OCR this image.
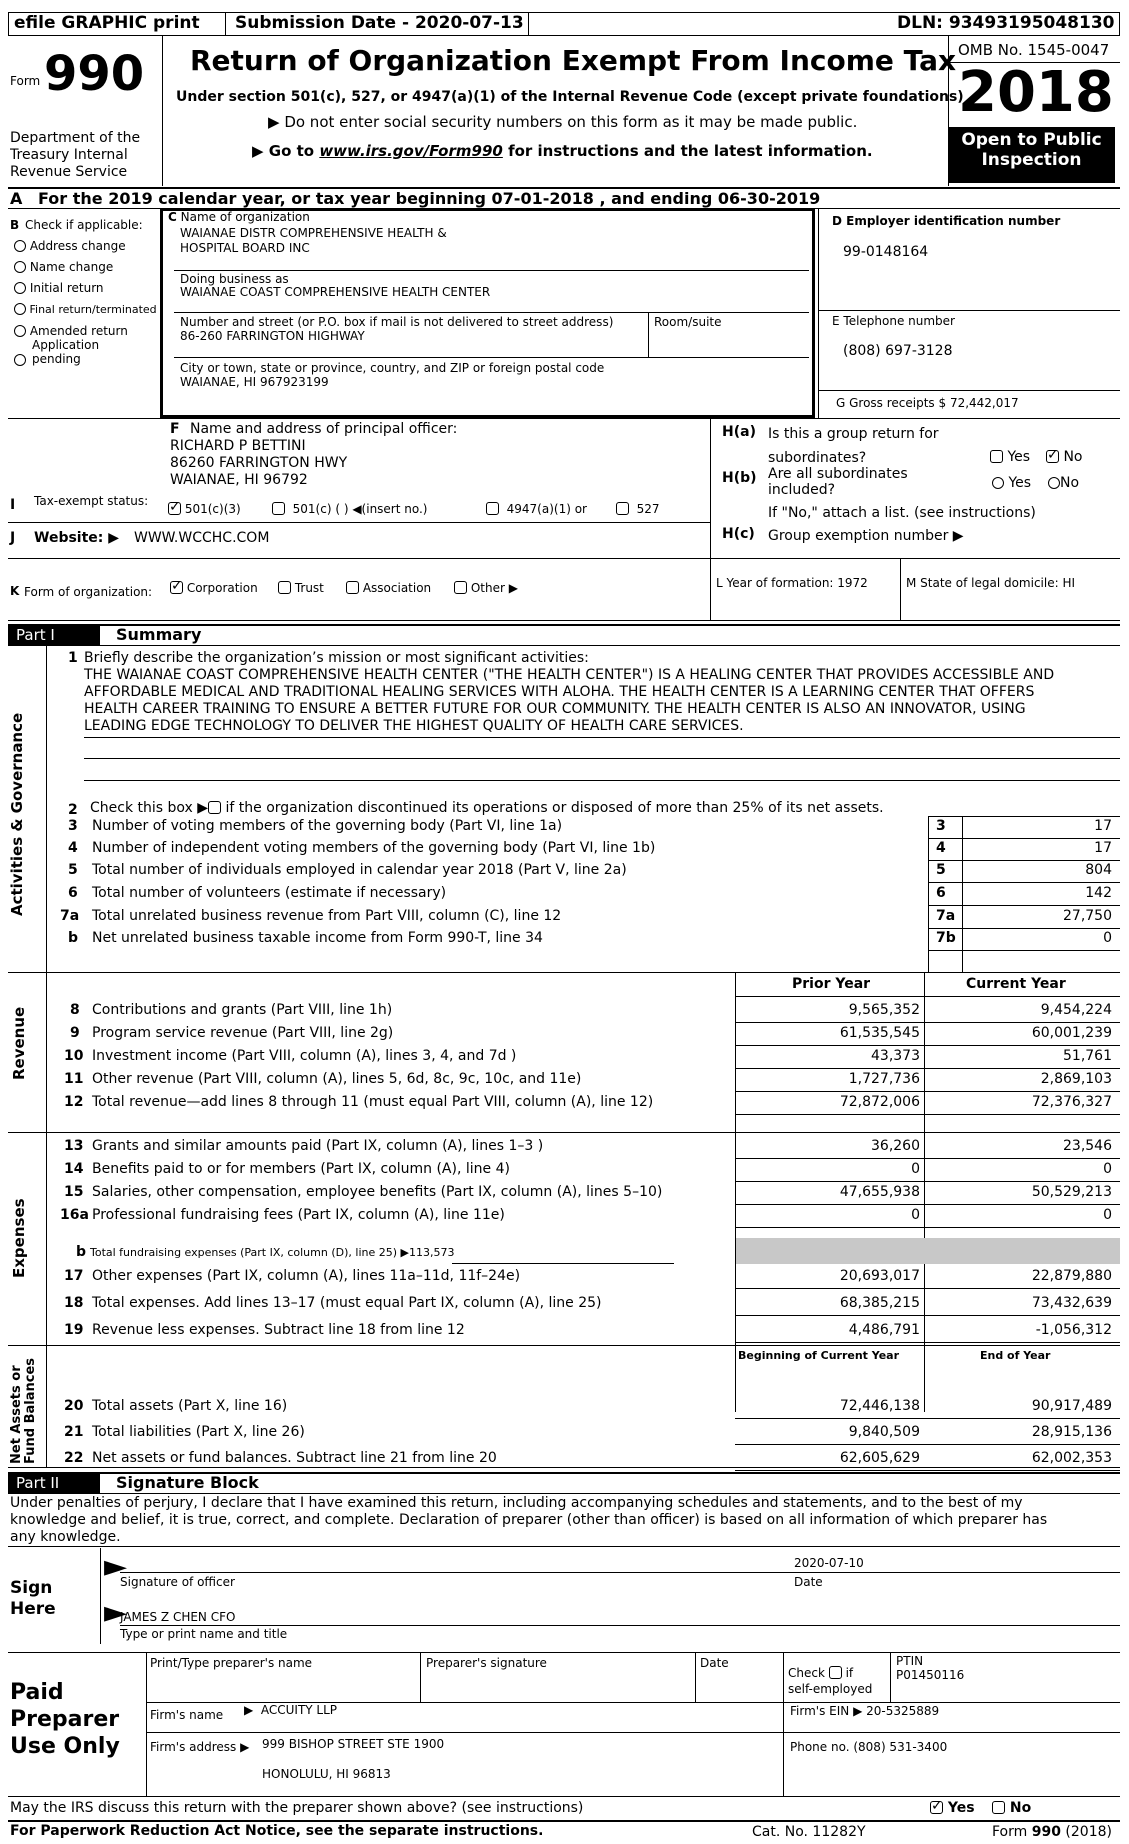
efile GRAPHIC print Submission Date - 2020-07-13	DLN: 93493195048130
Form 990
Department of the Treasury Internal Revenue Service
Return of Organization Exempt From Income Tax
Under section 501(c), 527, or 4947(a)(1) of the Internal Revenue Code (except private foundations)
▶ Do not enter social security numbers on this form as it may be made public.
▶ Go to www.irs.gov/Form990 for instructions and the latest information.
OMB No. 1545-0047
2018
Open to Public Inspection
A For the 2019 calendar year, or tax year beginning 07-01-2018 , and ending 06-30-2019
B Check if applicable:
Address change
Name change
Initial return
Final return/terminated
Amended return
Application pending
C Name of organization
WAIANAE DISTR COMPREHENSIVE HEALTH &
HOSPITAL BOARD INC
Doing business as
WAIANAE COAST COMPREHENSIVE HEALTH CENTER
Number and street (or P.O. box if mail is not delivered to street address)	Room/suite
86-260 FARRINGTON HIGHWAY
City or town, state or province, country, and ZIP or foreign postal code
WAIANAE, HI 967923199
D Employer identification number
99-0148164
E Telephone number
(808) 697-3128
G Gross receipts $ 72,442,017
F Name and address of principal officer:
RICHARD P BETTINI
86260 FARRINGTON HWY
WAIANAE, HI 96792
H(a) Is this a group return for
subordinates?	Yes ✓	No
H(b) Are all subordinates
included?	Yes	No
If "No," attach a list. (see instructions)
H(c) Group exemption number ▶
I Tax-exempt status:
✓ 501(c)(3)	501(c) ( ) ◀(insert no.)	4947(a)(1) or	527
J Website: ▶ WWW.WCCHC.COM
K Form of organization: ✓	Corporation	Trust	Association	Other ▶	L Year of formation: 1972	M State of legal domicile: HI
Part I	Summary
Activities & Governance
1 Briefly describe the organization’s mission or most significant activities:
THE WAIANAE COAST COMPREHENSIVE HEALTH CENTER ("THE HEALTH CENTER") IS A HEALING CENTER THAT PROVIDES ACCESSIBLE AND
AFFORDABLE MEDICAL AND TRADITIONAL HEALING SERVICES WITH ALOHA. THE HEALTH CENTER IS A LEARNING CENTER THAT OFFERS
HEALTH CAREER TRAINING TO ENSURE A BETTER FUTURE FOR OUR COMMUNITY. THE HEALTH CENTER IS ALSO AN INNOVATOR, USING
LEADING EDGE TECHNOLOGY TO DELIVER THE HIGHEST QUALITY OF HEALTH CARE SERVICES.
2 Check this box ▶ if the organization discontinued its operations or disposed of more than 25% of its net assets.
3 Number of voting members of the governing body (Part VI, line 1a)	3	17
4 Number of independent voting members of the governing body (Part VI, line 1b)	4	17
5 Total number of individuals employed in calendar year 2018 (Part V, line 2a)	5	804
6 Total number of volunteers (estimate if necessary)	6	142
7a Total unrelated business revenue from Part VIII, column (C), line 12	7a	27,750
b Net unrelated business taxable income from Form 990-T, line 34	7b	0
Prior Year	Current Year
Revenue	8 Contributions and grants (Part VIII, line 1h)	9,565,352	9,454,224
9 Program service revenue (Part VIII, line 2g)	61,535,545	60,001,239
10 Investment income (Part VIII, column (A), lines 3, 4, and 7d )	43,373	51,761
11 Other revenue (Part VIII, column (A), lines 5, 6d, 8c, 9c, 10c, and 11e)	1,727,736	2,869,103
12 Total revenue—add lines 8 through 11 (must equal Part VIII, column (A), line 12)	72,872,006	72,376,327
Expenses
13 Grants and similar amounts paid (Part IX, column (A), lines 1–3 )	36,260	23,546
14 Benefits paid to or for members (Part IX, column (A), line 4)	0	0
15 Salaries, other compensation, employee benefits (Part IX, column (A), lines 5–10)	47,655,938	50,529,213
16a Professional fundraising fees (Part IX, column (A), line 11e)	0	0
b Total fundraising expenses (Part IX, column (D), line 25) ▶113,573
17 Other expenses (Part IX, column (A), lines 11a–11d, 11f–24e)	20,693,017	22,879,880
18 Total expenses. Add lines 13–17 (must equal Part IX, column (A), line 25)	68,385,215	73,432,639
19 Revenue less expenses. Subtract line 18 from line 12	4,486,791	-1,056,312
Beginning of Current Year	End of Year
Net Assets or Fund Balances 20 Total assets (Part X, line 16)	72,446,138	90,917,489
21 Total liabilities (Part X, line 26)	9,840,509	28,915,136
22 Net assets or fund balances. Subtract line 21 from line 20	62,605,629	62,002,353
Part II	Signature Block
Under penalties of perjury, I declare that I have examined this return, including accompanying schedules and statements, and to the best of my
knowledge and belief, it is true, correct, and complete. Declaration of preparer (other than officer) is based on all information of which preparer has
any knowledge.
Sign
Here
►
►
2020-07-10
Signature of officer	Date
JAMES Z CHEN CFO
Type or print name and title
Paid
Preparer
Use Only
Print/Type preparer's name	Preparer's signature	Date
Check if
self-employed
PTIN
P01450116
Firm's name ▶  ACCUITY LLP	Firm's EIN ▶ 20-5325889
Firm's address ▶ 999 BISHOP STREET STE 1900
HONOLULU, HI 96813
Phone no. (808) 531-3400
May the IRS discuss this return with the preparer shown above? (see instructions) ✓	Yes	No
For Paperwork Reduction Act Notice, see the separate instructions.	Cat. No. 11282Y	Form 990 (2018)
